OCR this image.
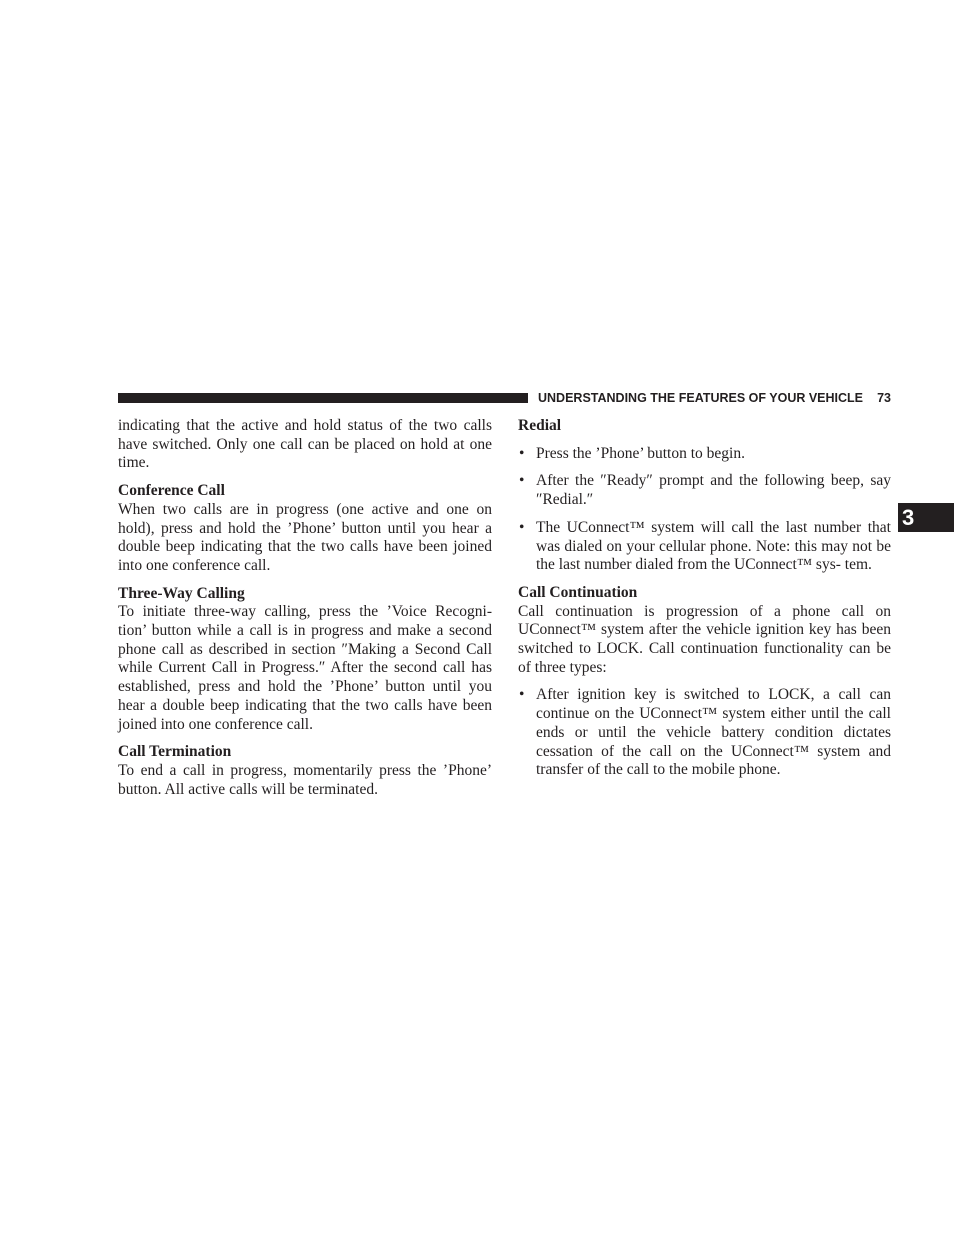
UNDERSTANDING THE FEATURES OF YOUR VEHICLE 73
3

indicating that the active and hold status of the two calls have switched. Only one call can be placed on hold at one time.

Conference Call

When two calls are in progress (one active and one on hold), press and hold the ’Phone’ button until you hear a double beep indicating that the two calls have been joined into one conference call.

Three-Way Calling

To initiate three-way calling, press the ’Voice Recogni- tion’ button while a call is in progress and make a second phone call as described in section ″Making a Second Call while Current Call in Progress.″ After the second call has established, press and hold the ’Phone’ button until you hear a double beep indicating that the two calls have been joined into one conference call.

Call Termination

To end a call in progress, momentarily press the ’Phone’ button. All active calls will be terminated.

Redial
• Press the ’Phone’ button to begin.
• After the ″Ready″ prompt and the following beep, say ″Redial.″
• The UConnect™ system will call the last number that was dialed on your cellular phone. Note: this may not be the last number dialed from the UConnect™ sys- tem.
Call Continuation

Call continuation is progression of a phone call on UConnect™ system after the vehicle ignition key has been switched to LOCK. Call continuation functionality can be of three types:

• After ignition key is switched to LOCK, a call can continue on the UConnect™ system either until the call ends or until the vehicle battery condition dictates cessation of the call on the UConnect™ system and transfer of the call to the mobile phone.
